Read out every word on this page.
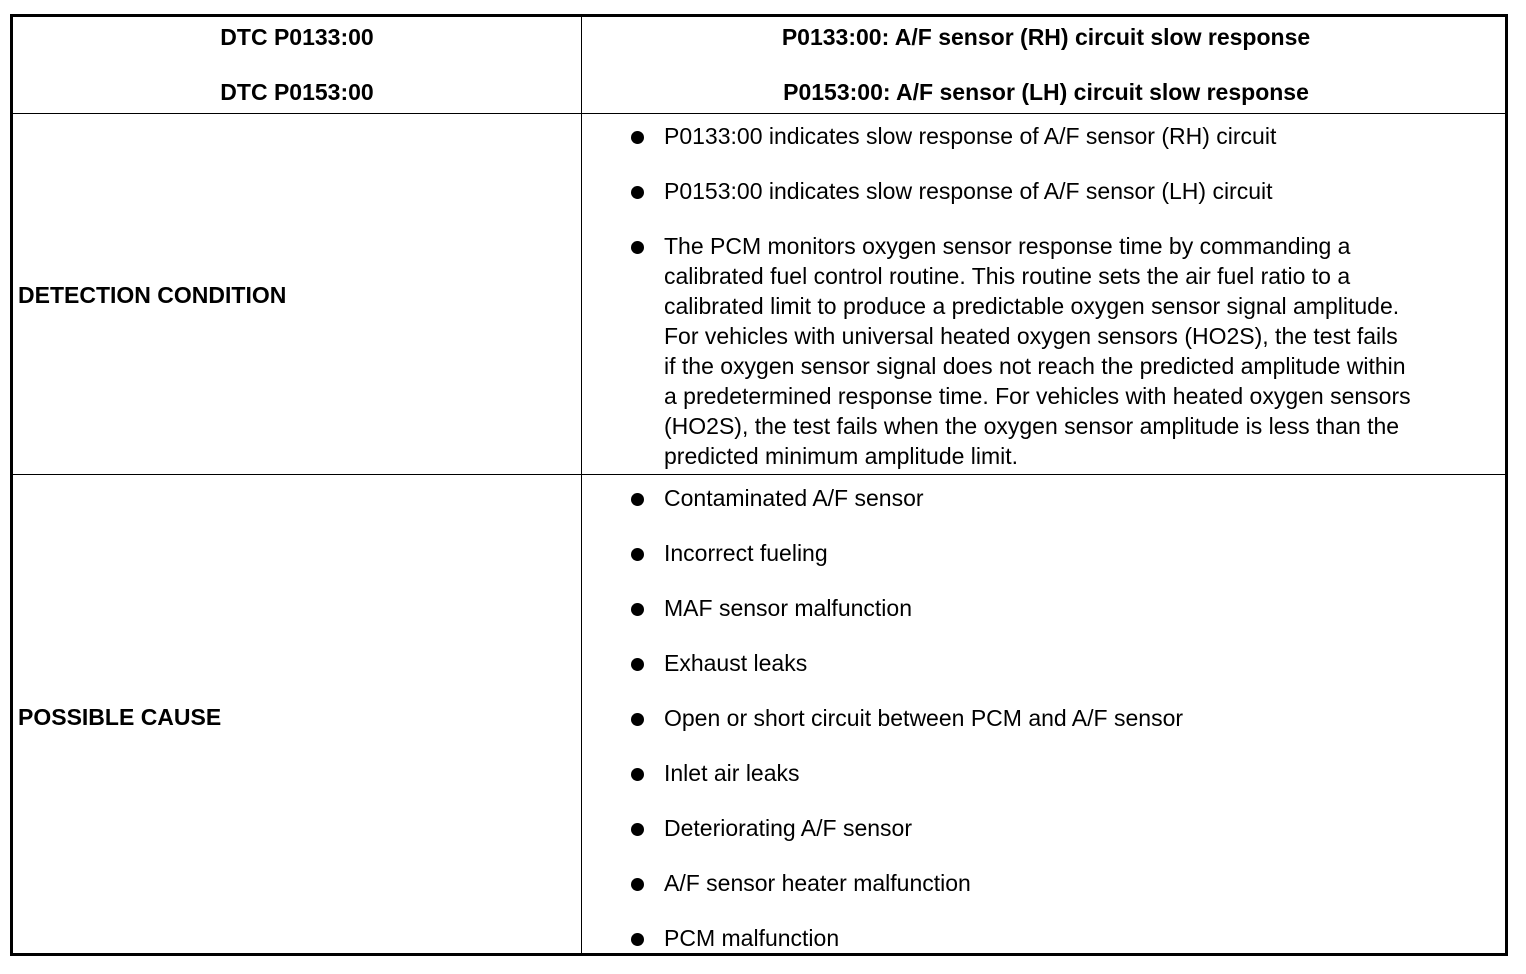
DTC P0133:00
DTC P0153:00
P0133:00: A/F sensor (RH) circuit slow response
P0153:00: A/F sensor (LH) circuit slow response
DETECTION CONDITION
P0133:00 indicates slow response of A/F sensor (RH) circuit
P0153:00 indicates slow response of A/F sensor (LH) circuit
The PCM monitors oxygen sensor response time by commanding a
calibrated fuel control routine. This routine sets the air fuel ratio to a
calibrated limit to produce a predictable oxygen sensor signal amplitude.
For vehicles with universal heated oxygen sensors (HO2S), the test fails
if the oxygen sensor signal does not reach the predicted amplitude within
a predetermined response time. For vehicles with heated oxygen sensors
(HO2S), the test fails when the oxygen sensor amplitude is less than the
predicted minimum amplitude limit.
POSSIBLE CAUSE
Contaminated A/F sensor
Incorrect fueling
MAF sensor malfunction
Exhaust leaks
Open or short circuit between PCM and A/F sensor
Inlet air leaks
Deteriorating A/F sensor
A/F sensor heater malfunction
PCM malfunction
